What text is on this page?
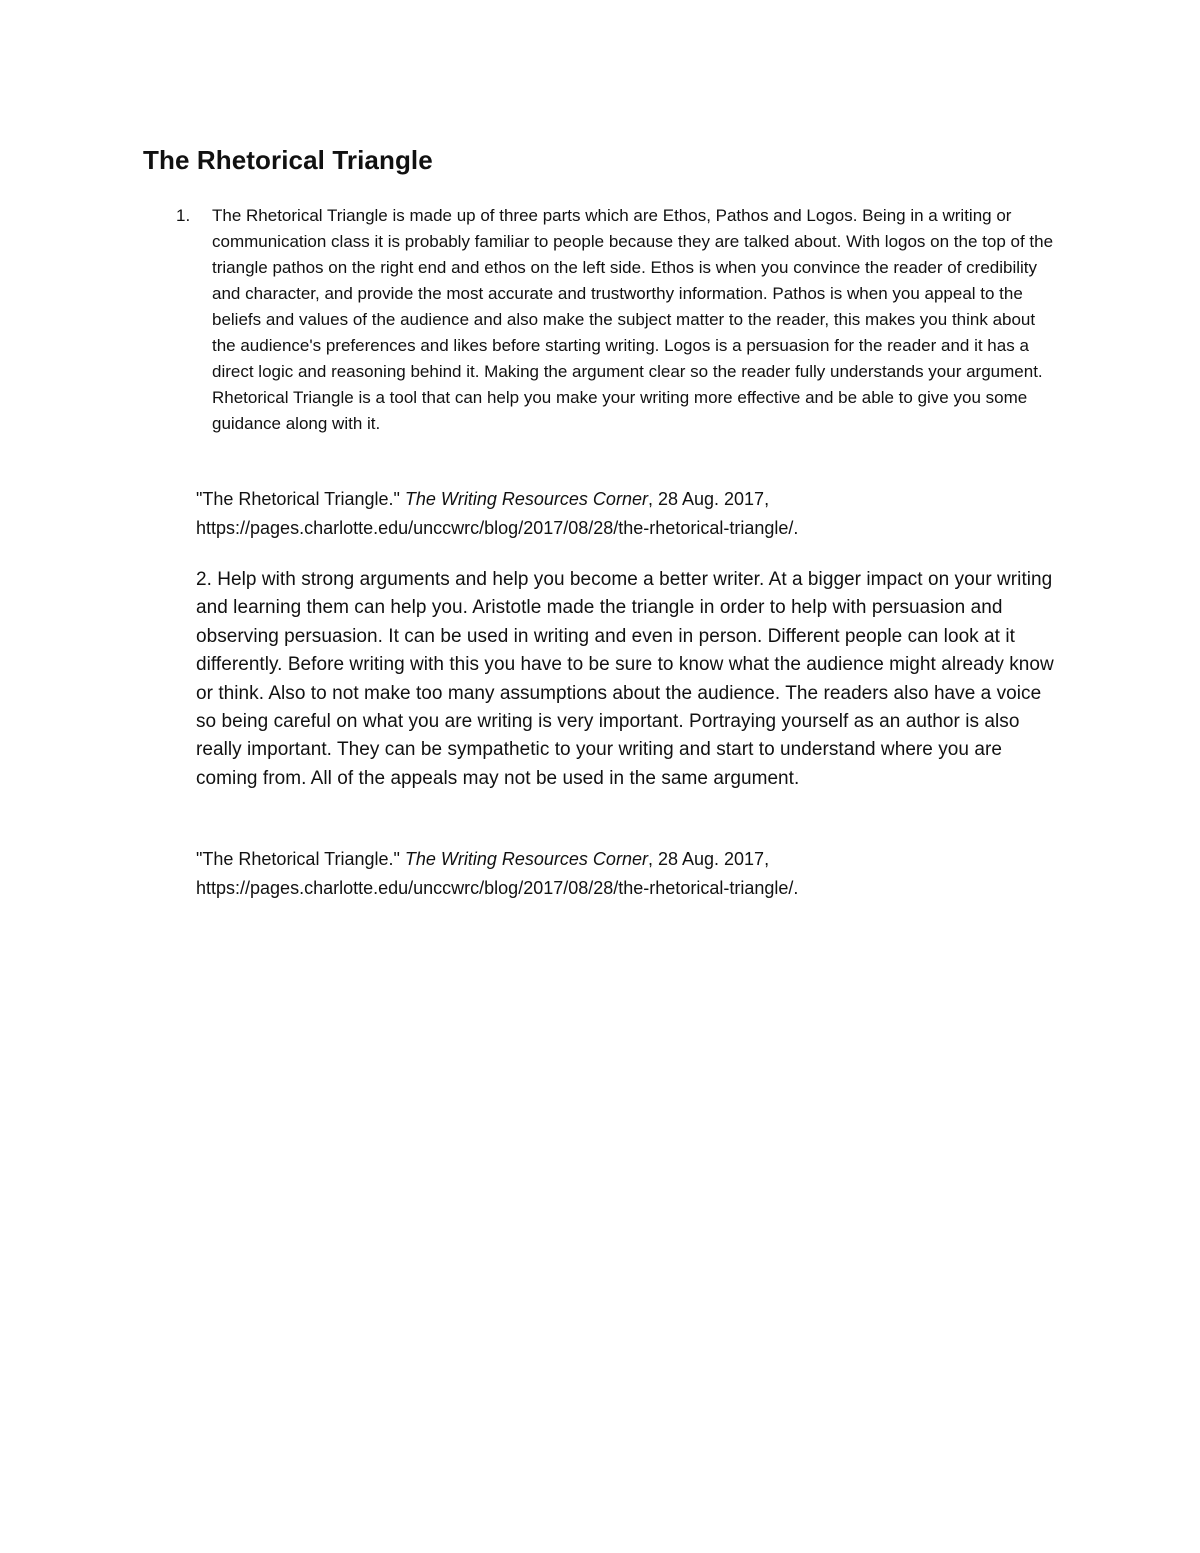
The Rhetorical Triangle
1. The Rhetorical Triangle is made up of three parts which are Ethos, Pathos and Logos. Being in a writing or communication class it is probably familiar to people because they are talked about. With logos on the top of the triangle pathos on the right end and ethos on the left side. Ethos is when you convince the reader of credibility and character, and provide the most accurate and trustworthy information. Pathos is when you appeal to the beliefs and values of the audience and also make the subject matter to the reader, this makes you think about the audience's preferences and likes before starting writing. Logos is a persuasion for the reader and it has a direct logic and reasoning behind it. Making the argument clear so the reader fully understands your argument. Rhetorical Triangle is a tool that can help you make your writing more effective and be able to give you some guidance along with it.

"The Rhetorical Triangle." The Writing Resources Corner, 28 Aug. 2017,
https://pages.charlotte.edu/unccwrc/blog/2017/08/28/the-rhetorical-triangle/.

2. Help with strong arguments and help you become a better writer. At a bigger impact on your writing and learning them can help you. Aristotle made the triangle in order to help with persuasion and observing persuasion. It can be used in writing and even in person. Different people can look at it differently. Before writing with this you have to be sure to know what the audience might already know or think. Also to not make too many assumptions about the audience. The readers also have a voice so being careful on what you are writing is very important. Portraying yourself as an author is also really important. They can be sympathetic to your writing and start to understand where you are coming from. All of the appeals may not be used in the same argument.

"The Rhetorical Triangle." The Writing Resources Corner, 28 Aug. 2017,
https://pages.charlotte.edu/unccwrc/blog/2017/08/28/the-rhetorical-triangle/.
